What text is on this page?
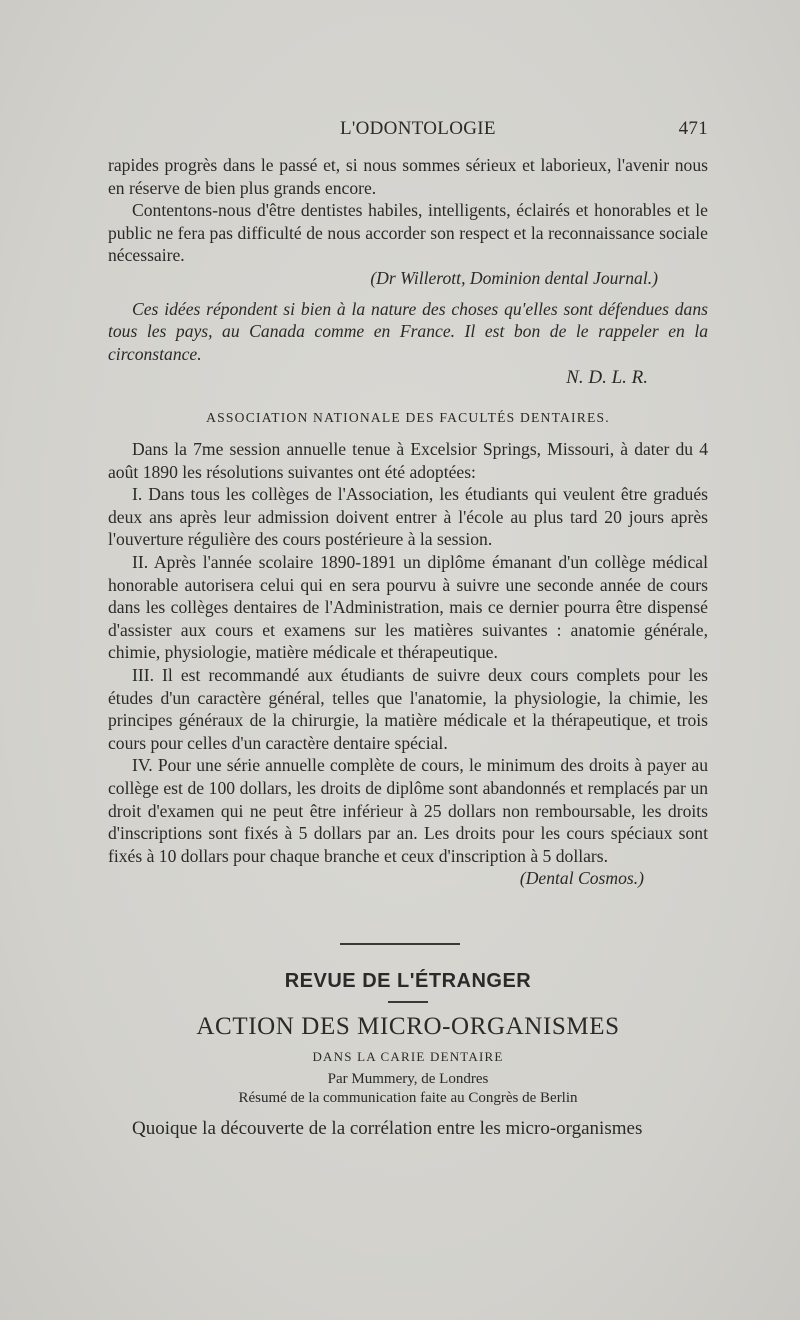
L'ODONTOLOGIE	471

rapides progrès dans le passé et, si nous sommes sérieux et laborieux, l'avenir nous en réserve de bien plus grands encore.

Contentons-nous d'être dentistes habiles, intelligents, éclairés et honorables et le public ne fera pas difficulté de nous accorder son respect et la reconnaissance sociale nécessaire.

(Dr Willerott, Dominion dental Journal.)

Ces idées répondent si bien à la nature des choses qu'elles sont défendues dans tous les pays, au Canada comme en France. Il est bon de le rappeler en la circonstance.

N. D. L. R.

ASSOCIATION NATIONALE DES FACULTÉS DENTAIRES.

Dans la 7me session annuelle tenue à Excelsior Springs, Missouri, à dater du 4 août 1890 les résolutions suivantes ont été adoptées:

I. Dans tous les collèges de l'Association, les étudiants qui veulent être gradués deux ans après leur admission doivent entrer à l'école au plus tard 20 jours après l'ouverture régulière des cours postérieure à la session.

II. Après l'année scolaire 1890-1891 un diplôme émanant d'un collège médical honorable autorisera celui qui en sera pourvu à suivre une seconde année de cours dans les collèges dentaires de l'Administration, mais ce dernier pourra être dispensé d'assister aux cours et examens sur les matières suivantes : anatomie générale, chimie, physiologie, matière médicale et thérapeutique.

III. Il est recommandé aux étudiants de suivre deux cours complets pour les études d'un caractère général, telles que l'anatomie, la physiologie, la chimie, les principes généraux de la chirurgie, la matière médicale et la thérapeutique, et trois cours pour celles d'un caractère dentaire spécial.

IV. Pour une série annuelle complète de cours, le minimum des droits à payer au collège est de 100 dollars, les droits de diplôme sont abandonnés et remplacés par un droit d'examen qui ne peut être inférieur à 25 dollars non remboursable, les droits d'inscriptions sont fixés à 5 dollars par an. Les droits pour les cours spéciaux sont fixés à 10 dollars pour chaque branche et ceux d'inscription à 5 dollars.

(Dental Cosmos.)

REVUE DE L'ÉTRANGER

ACTION DES MICRO-ORGANISMES

DANS LA CARIE DENTAIRE

Par Mummery, de Londres

Résumé de la communication faite au Congrès de Berlin

Quoique la découverte de la corrélation entre les micro-organismes
